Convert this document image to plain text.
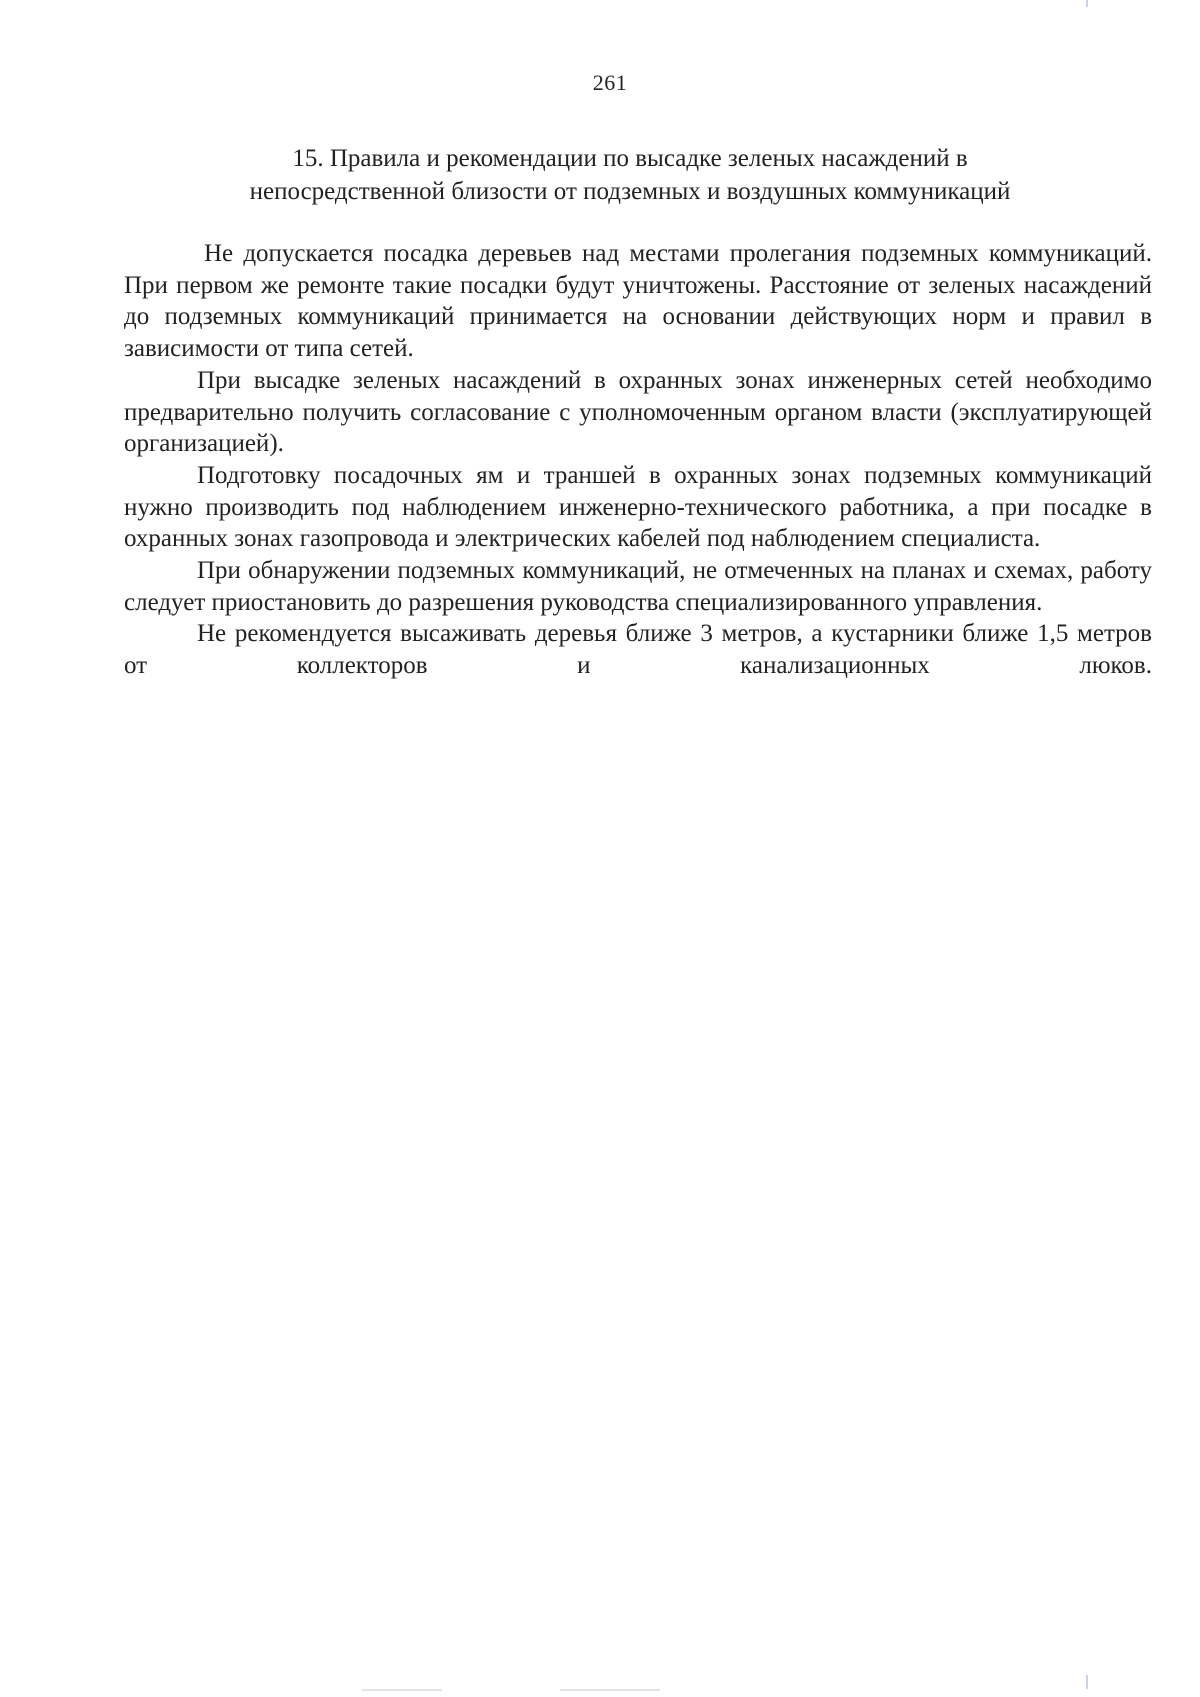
261
15. Правила и рекомендации по высадке зеленых насаждений в
непосредственной близости от подземных и воздушных коммуникаций

Не допускается посадка деревьев над местами пролегания подземных коммуникаций. При первом же ремонте такие посадки будут уничтожены. Расстояние от зеленых насаждений до подземных коммуникаций принимается на основании действующих норм и правил в зависимости от типа сетей.

При высадке зеленых насаждений в охранных зонах инженерных сетей необходимо предварительно получить согласование с уполномоченным органом власти (эксплуатирующей организацией).

Подготовку посадочных ям и траншей в охранных зонах подземных коммуникаций нужно производить под наблюдением инженерно-технического работника, а при посадке в охранных зонах газопровода и электрических кабелей под наблюдением специалиста.

При обнаружении подземных коммуникаций, не отмеченных на планах и схемах, работу следует приостановить до разрешения руководства специализированного управления.

Не рекомендуется высаживать деревья ближе 3 метров, а кустарники ближе 1,5 метров от коллекторов и канализационных люков.
